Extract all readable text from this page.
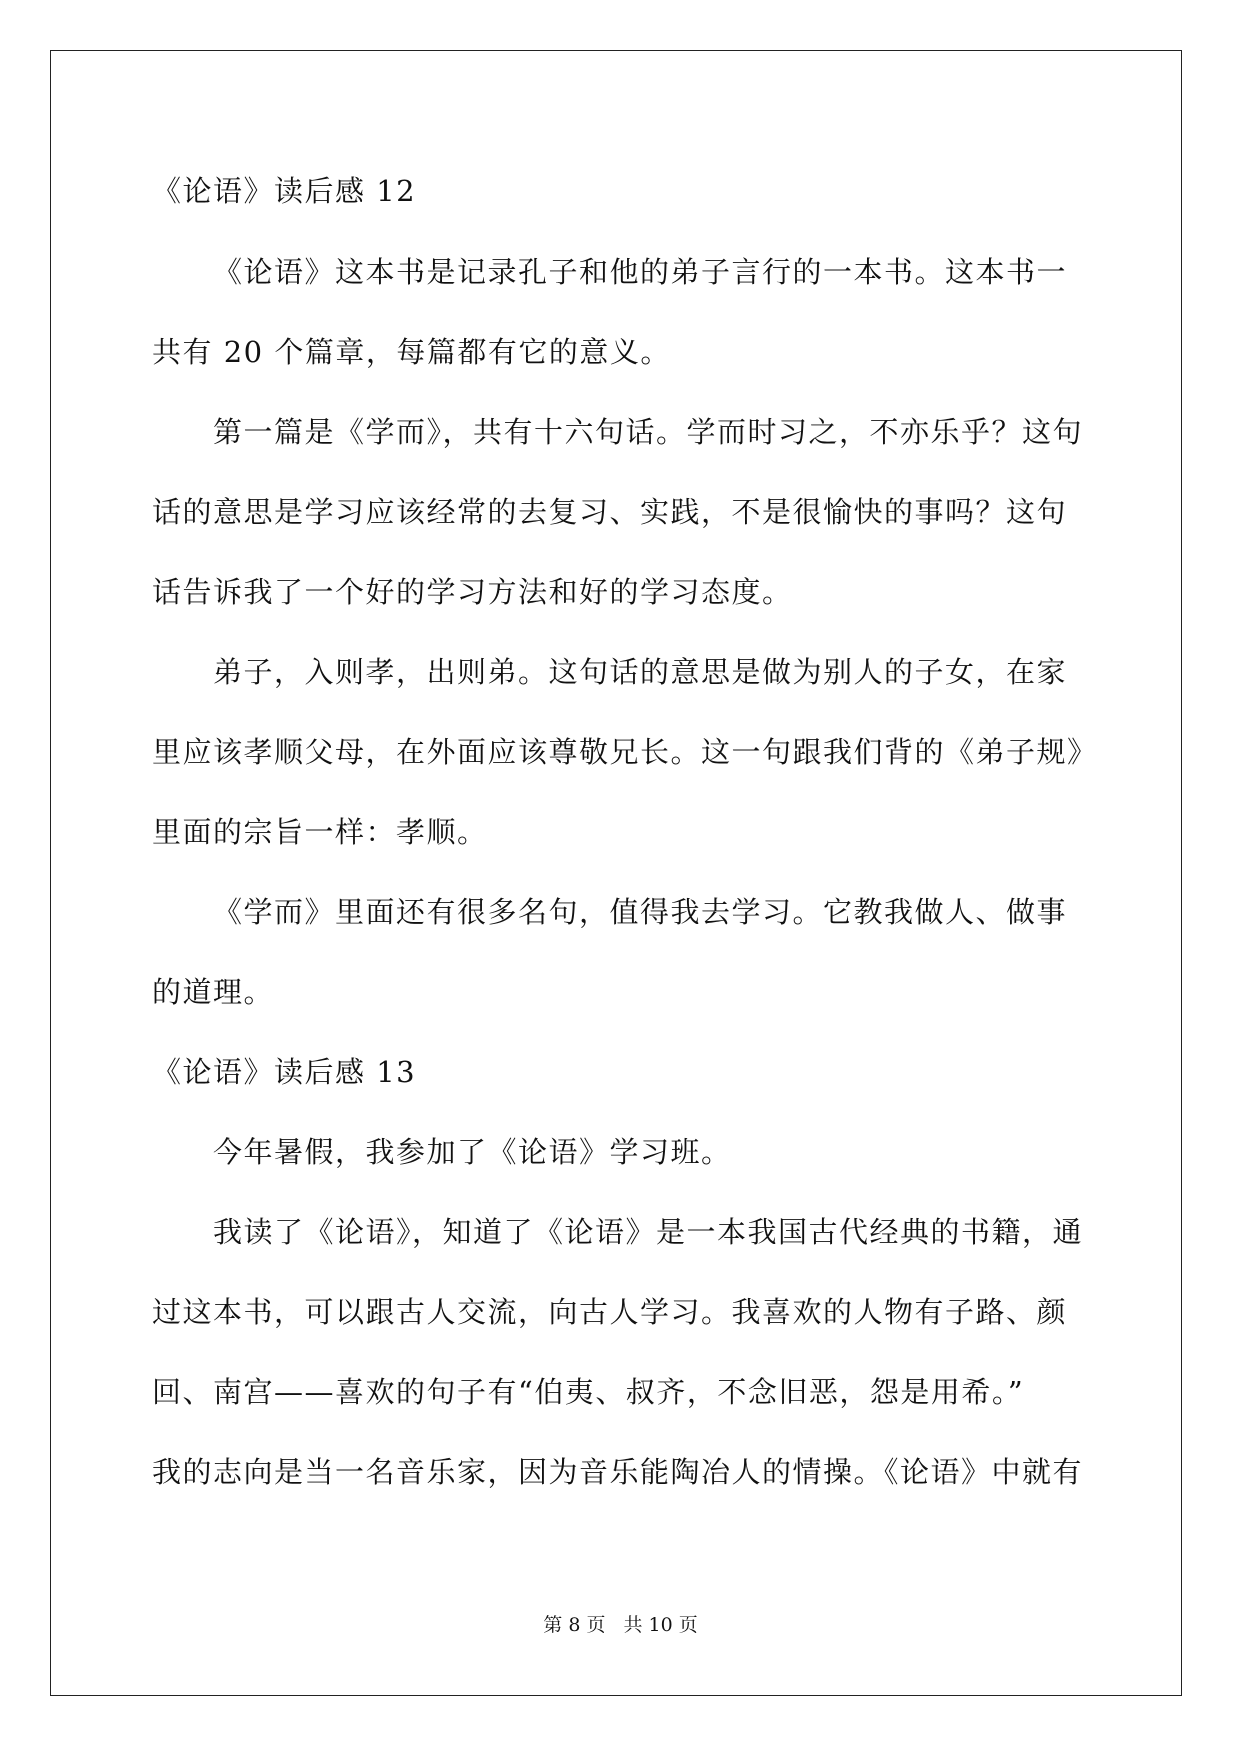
《论语》读后感 12
《论语》这本书是记录孔子和他的弟子言行的一本书。这本书一
共有 20 个篇章，每篇都有它的意义。
第一篇是《学而》，共有十六句话。学而时习之，不亦乐乎？这句
话的意思是学习应该经常的去复习、实践，不是很愉快的事吗？这句
话告诉我了一个好的学习方法和好的学习态度。
弟子，入则孝，出则弟。这句话的意思是做为别人的子女，在家
里应该孝顺父母，在外面应该尊敬兄长。这一句跟我们背的《弟子规》
里面的宗旨一样：孝顺。
《学而》里面还有很多名句，值得我去学习。它教我做人、做事
的道理。
《论语》读后感 13
今年暑假，我参加了《论语》学习班。
我读了《论语》，知道了《论语》是一本我国古代经典的书籍，通
过这本书，可以跟古人交流，向古人学习。我喜欢的人物有子路、颜
回、南宫——喜欢的句子有“伯夷、叔齐，不念旧恶，怨是用希。”
我的志向是当一名音乐家，因为音乐能陶冶人的情操。《论语》中就有
第 8 页 共 10 页
